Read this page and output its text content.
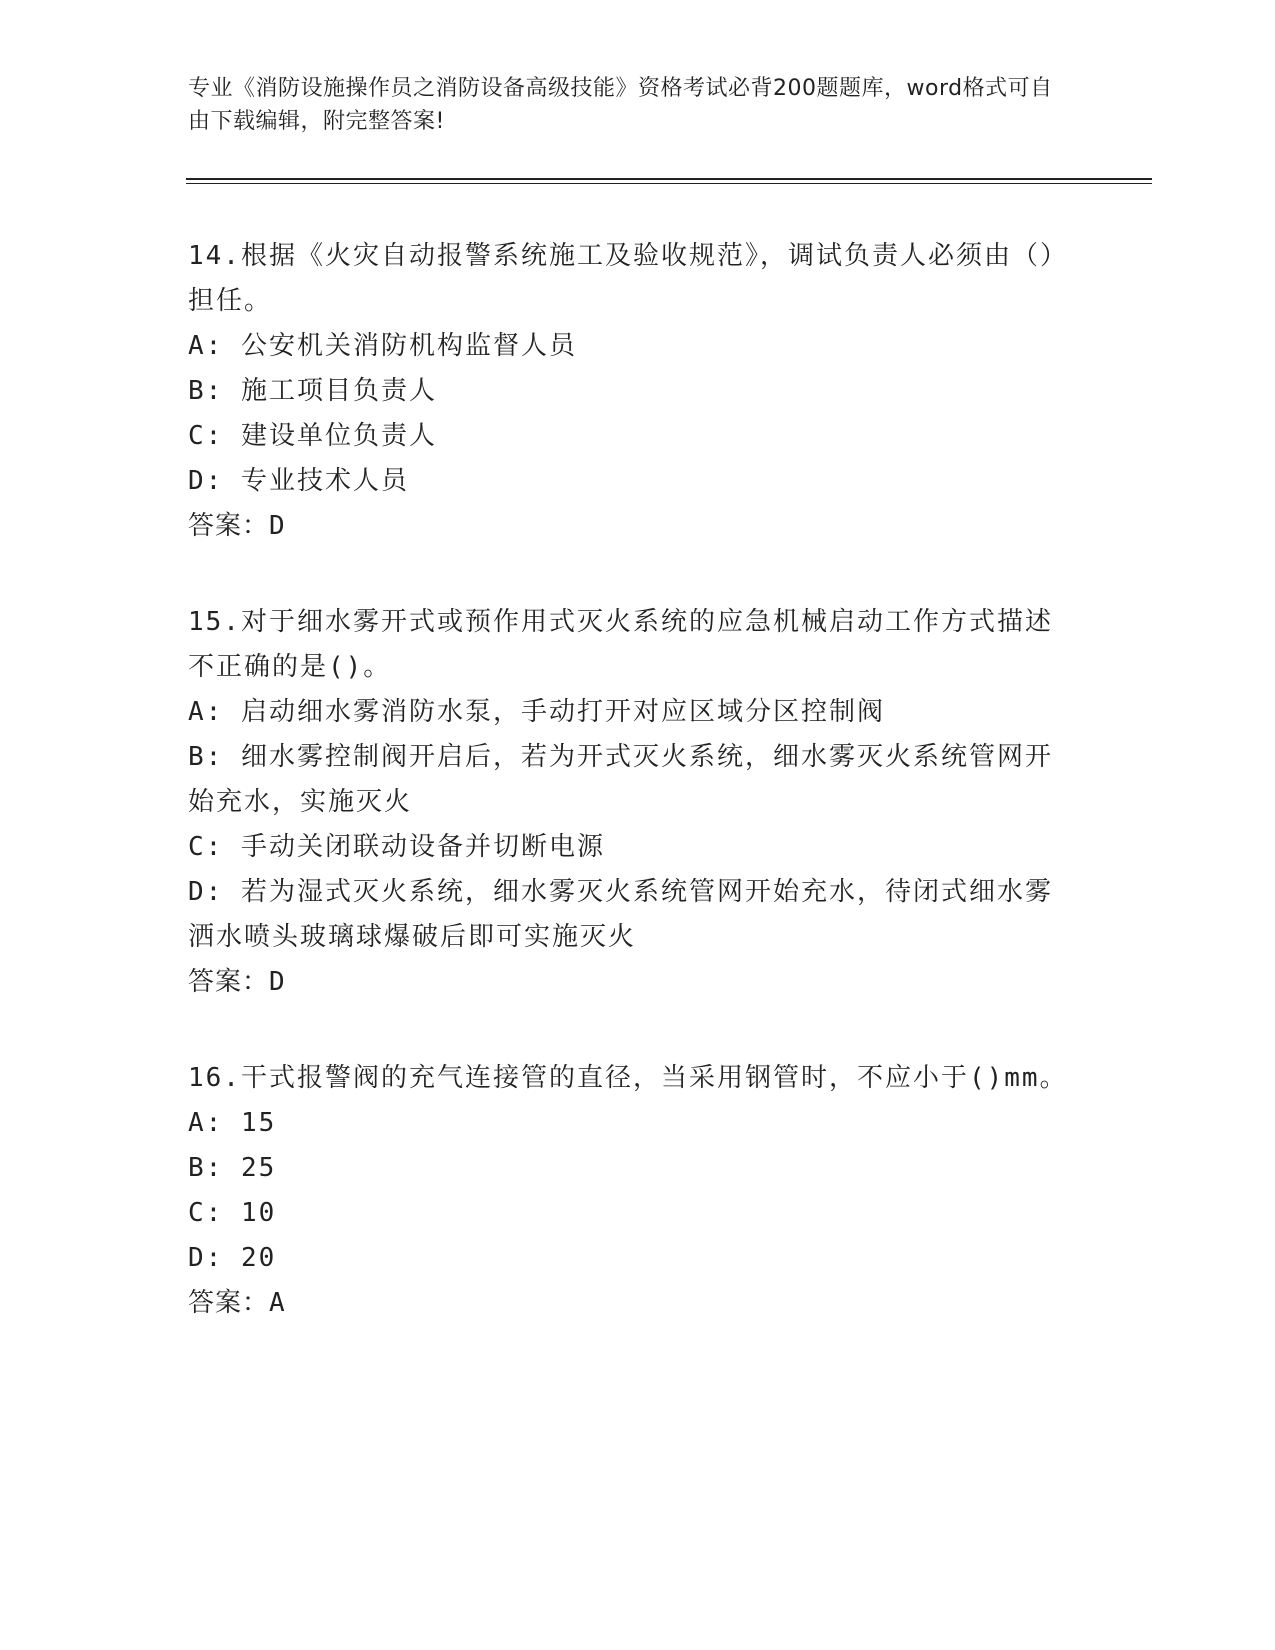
专业《消防设施操作员之消防设备高级技能》资格考试必背200题题库，word格式可自由下载编辑，附完整答案!

14.根据《火灾自动报警系统施工及验收规范》，调试负责人必须由（）担任。

A: 公安机关消防机构监督人员

B: 施工项目负责人

C: 建设单位负责人

D: 专业技术人员

答案：D

15.对于细水雾开式或预作用式灭火系统的应急机械启动工作方式描述不正确的是()。

A: 启动细水雾消防水泵，手动打开对应区域分区控制阀

B: 细水雾控制阀开启后，若为开式灭火系统，细水雾灭火系统管网开始充水，实施灭火

C: 手动关闭联动设备并切断电源

D: 若为湿式灭火系统，细水雾灭火系统管网开始充水，待闭式细水雾洒水喷头玻璃球爆破后即可实施灭火

答案：D

16.干式报警阀的充气连接管的直径，当采用钢管时，不应小于()mm。

A: 15

B: 25

C: 10

D: 20

答案：A
